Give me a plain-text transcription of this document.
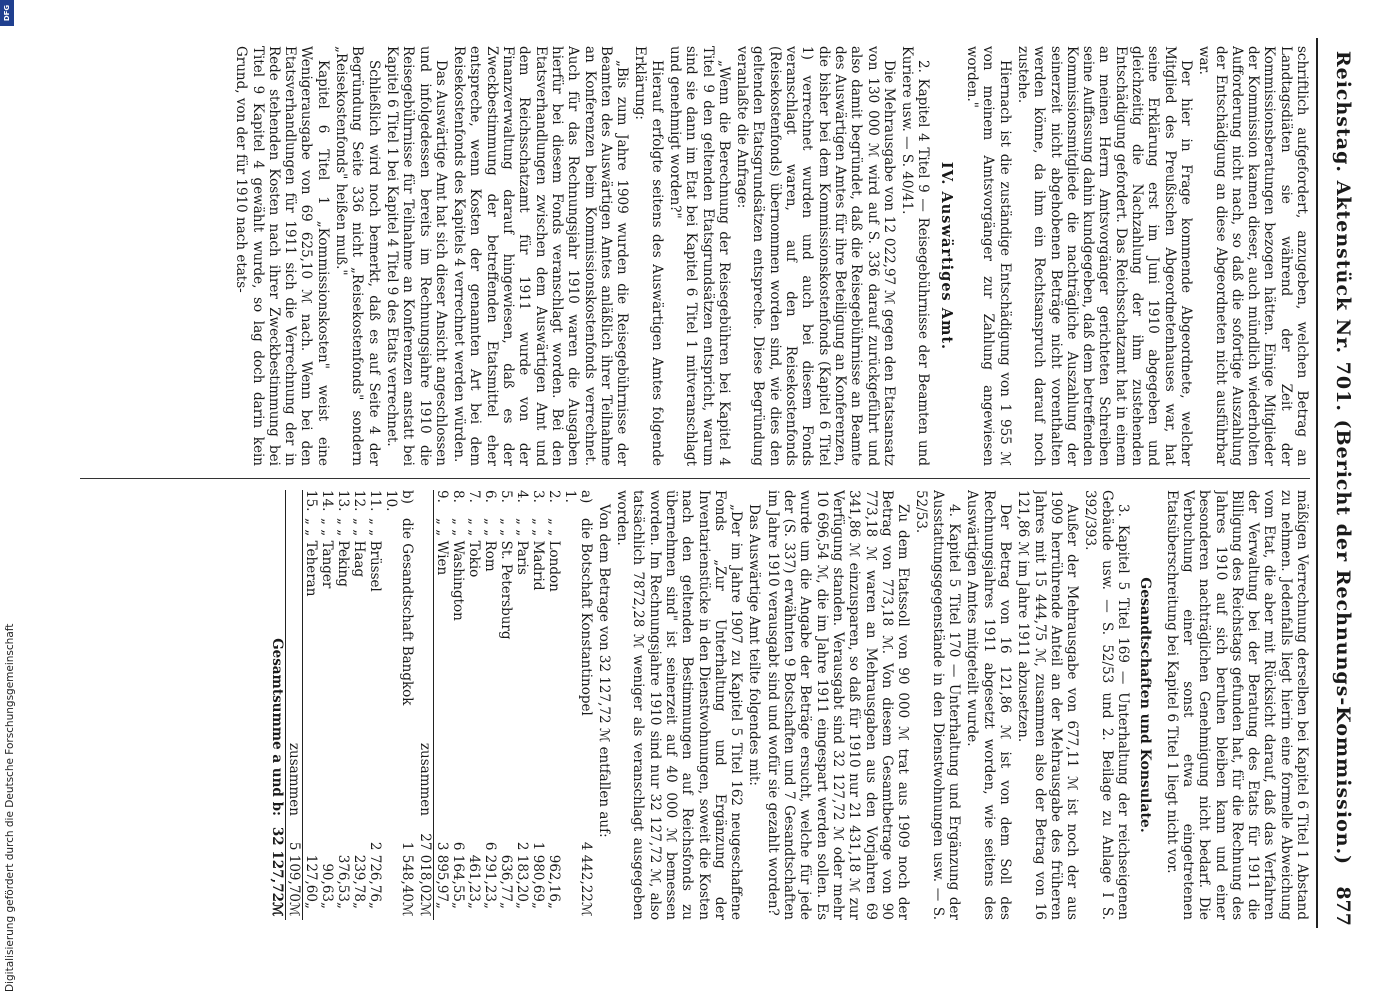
Reichstag. Aktenstück Nr. 701. (Bericht der Rechnungs-Kommission.)
877

schriftlich aufgefordert, anzugeben, welchen Betrag an Landtagsdiäten sie während der Zeit der Kommissionsberatungen bezogen hätten. Einige Mitglieder der Kommission kamen dieser, auch mündlich wiederholten Aufforderung nicht nach, so daß die sofortige Auszahlung der Entschädigung an diese Abgeordneten nicht ausführbar war.

Der hier in Frage kommende Abgeordnete, welcher Mitglied des Preußischen Abgeordnetenhauses war, hat seine Erklärung erst im Juni 1910 abgegeben und gleichzeitig die Nachzahlung der ihm zustehenden Entschädigung gefordert. Das Reichsschatzamt hat in einem an meinen Herrn Amtsvorgänger gerichteten Schreiben seine Auffassung dahin kundgegeben, daß dem betreffenden Kommissionsmitgliede die nachträgliche Auszahlung der seinerzeit nicht abgehobenen Beträge nicht vorenthalten werden könne, da ihm ein Rechtsanspruch darauf noch zustehe.

Hiernach ist die zuständige Entschädigung von 1 955 ℳ von meinem Amtsvorgänger zur Zahlung angewiesen worden."

IV. Auswärtiges Amt.

2. Kapitel 4 Titel 9 — Reisegebührnisse der Beamten und Kuriere usw. — S. 40/41.

Die Mehrausgabe von 12 022,97 ℳ gegen den Etatsansatz von 130 000 ℳ wird auf S. 336 darauf zurückgeführt und also damit begründet, daß die Reisegebührnisse an Beamte des Auswärtigen Amtes für ihre Beteiligung an Konferenzen, die bisher bei dem Kommissionskostenfonds (Kapitel 6 Titel 1) verrechnet wurden und auch bei diesem Fonds veranschlagt waren, auf den Reisekostenfonds (Reisekostenfonds) übernommen worden sind, wie dies den geltenden Etatsgrundsätzen entspreche. Diese Begründung veranlaßte die Anfrage:

„Wenn die Berechnung der Reisegebühren bei Kapitel 4 Titel 9 den geltenden Etatsgrundsätzen entspricht, warum sind sie dann im Etat bei Kapitel 6 Titel 1 mitveranschlagt und genehmigt worden?"

Hierauf erfolgte seitens des Auswärtigen Amtes folgende Erklärung:

„Bis zum Jahre 1909 wurden die Reisegebührnisse der Beamten des Auswärtigen Amtes anläßlich ihrer Teilnahme an Konferenzen beim Kommissionskostenfonds verrechnet. Auch für das Rechnungsjahr 1910 waren die Ausgaben hierfür bei diesem Fonds veranschlagt worden. Bei den Etatsverhandlungen zwischen dem Auswärtigen Amt und dem Reichsschatzamt für 1911 wurde von der Finanzverwaltung darauf hingewiesen, daß es der Zweckbestimmung der betreffenden Etatsmittel eher entspreche, wenn Kosten der genannten Art bei dem Reisekostenfonds des Kapitels 4 verrechnet werden würden.

Das Auswärtige Amt hat sich dieser Ansicht angeschlossen und infolgedessen bereits im Rechnungsjahre 1910 die Reisegebührnisse für Teilnahme an Konferenzen anstatt bei Kapitel 6 Titel 1 bei Kapitel 4 Titel 9 des Etats verrechnet.

Schließlich wird noch bemerkt, daß es auf Seite 4 der Begründung Seite 336 nicht „Reisekostenfonds" sondern „Reisekostenfonds" heißen muß."

Kapitel 6 Titel 1 „Kommissionskosten" weist eine Wenigerausgabe von 69 625,10 ℳ nach. Wenn bei den Etatsverhandlungen für 1911 sich die Verrechnung der in Rede stehenden Kosten nach ihrer Zweckbestimmung bei Titel 9 Kapitel 4 gewählt wurde, so lag doch darin kein Grund, von der für 1910 nach etats-

mäßigen Verrechnung derselben bei Kapitel 6 Titel 1 Abstand zu nehmen. Jedenfalls liegt hierin eine formelle Abweichung vom Etat, die aber mit Rücksicht darauf, daß das Verfahren der Verwaltung bei der Beratung des Etats für 1911 die Billigung des Reichstags gefunden hat, für die Rechnung des Jahres 1910 auf sich beruhen bleiben kann und einer besonderen nachträglichen Genehmigung nicht bedarf. Die Verbuchung einer sonst etwa eingetretenen Etatsüberschreitung bei Kapitel 6 Titel 1 liegt nicht vor.

Gesandtschaften und Konsulate.

3. Kapitel 5 Titel 169 — Unterhaltung der reichseigenen Gebäude usw. — S. 52/53 und 2. Beilage zu Anlage I S. 392/393.

Außer der Mehrausgabe von 677,11 ℳ ist noch der aus 1909 herrührende Anteil an der Mehrausgabe des früheren Jahres mit 15 444,75 ℳ, zusammen also der Betrag von 16 121,86 ℳ im Jahre 1911 abzusetzen.

Der Betrag von 16 121,86 ℳ ist von dem Soll des Rechnungsjahres 1911 abgesetzt worden, wie seitens des Auswärtigen Amtes mitgeteilt wurde.

4. Kapitel 5 Titel 170 — Unterhaltung und Ergänzung der Ausstattungsgegenstände in den Dienstwohnungen usw. — S. 52/53.

Zu dem Etatssoll von 90 000 ℳ trat aus 1909 noch der Betrag von 773,18 ℳ. Von diesem Gesamtbetrage von 90 773,18 ℳ waren an Mehrausgaben aus den Vorjahren 69 341,86 ℳ einzusparen, so daß für 1910 nur 21 431,18 ℳ zur Verfügung standen. Verausgabt sind 32 127,72 ℳ oder mehr 10 696,54 ℳ, die im Jahre 1911 eingespart werden sollen. Es wurde um die Angabe der Beträge ersucht, welche für jede der (S. 337) erwähnten 9 Botschaften und 7 Gesandtschaften im Jahre 1910 verausgabt sind und wofür sie gezahlt worden?

Das Auswärtige Amt teilte folgendes mit:

„Der im Jahre 1907 zu Kapitel 5 Titel 162 neugeschaffene Fonds „Zur Unterhaltung und Ergänzung der Inventarienstücke in den Dienstwohnungen, soweit die Kosten nach den geltenden Bestimmungen auf Reichsfonds zu übernehmen sind" ist seinerzeit auf 40 000 ℳ bemessen worden. Im Rechnungsjahre 1910 sind nur 32 127,72 ℳ, also tatsächlich 7872,28 ℳ weniger als veranschlagt ausgegeben worden.

Von dem Betrage von 32 127,72 ℳ entfallen auf:

a) 1.	die Botschaft Konstantinopel	4 442,22	ℳ
2.	„ „ London	962,16	„
3.	„ „ Madrid	1 980,69	„
4.	„ „ Paris	2 183,20	„
5.	„ „ St. Petersburg	636,77	„
6.	„ „ Rom	6 291,23	„
7.	„ „ Tokio	461,23	„
8.	„ „ Washington	6 164,55	„
9.	„ „ Wien	3 895,97	„
	zusammen	27 018,02	ℳ
b) 10.	die Gesandtschaft Bangkok	1 548,40	ℳ
11.	„ „ Brüssel	2 726,76	„
12.	„ „ Haag	239,78	„
13.	„ „ Peking	376,53	„
14.	„ „ Tanger	90,63	„
15.	„ „ Teheran	127,60	„
	zusammen	5 109,70	ℳ
	Gesamtsumme a und b:	32 127,72	ℳ
Digitalisierung gefördert durch die Deutsche Forschungsgemeinschaft
DFG
